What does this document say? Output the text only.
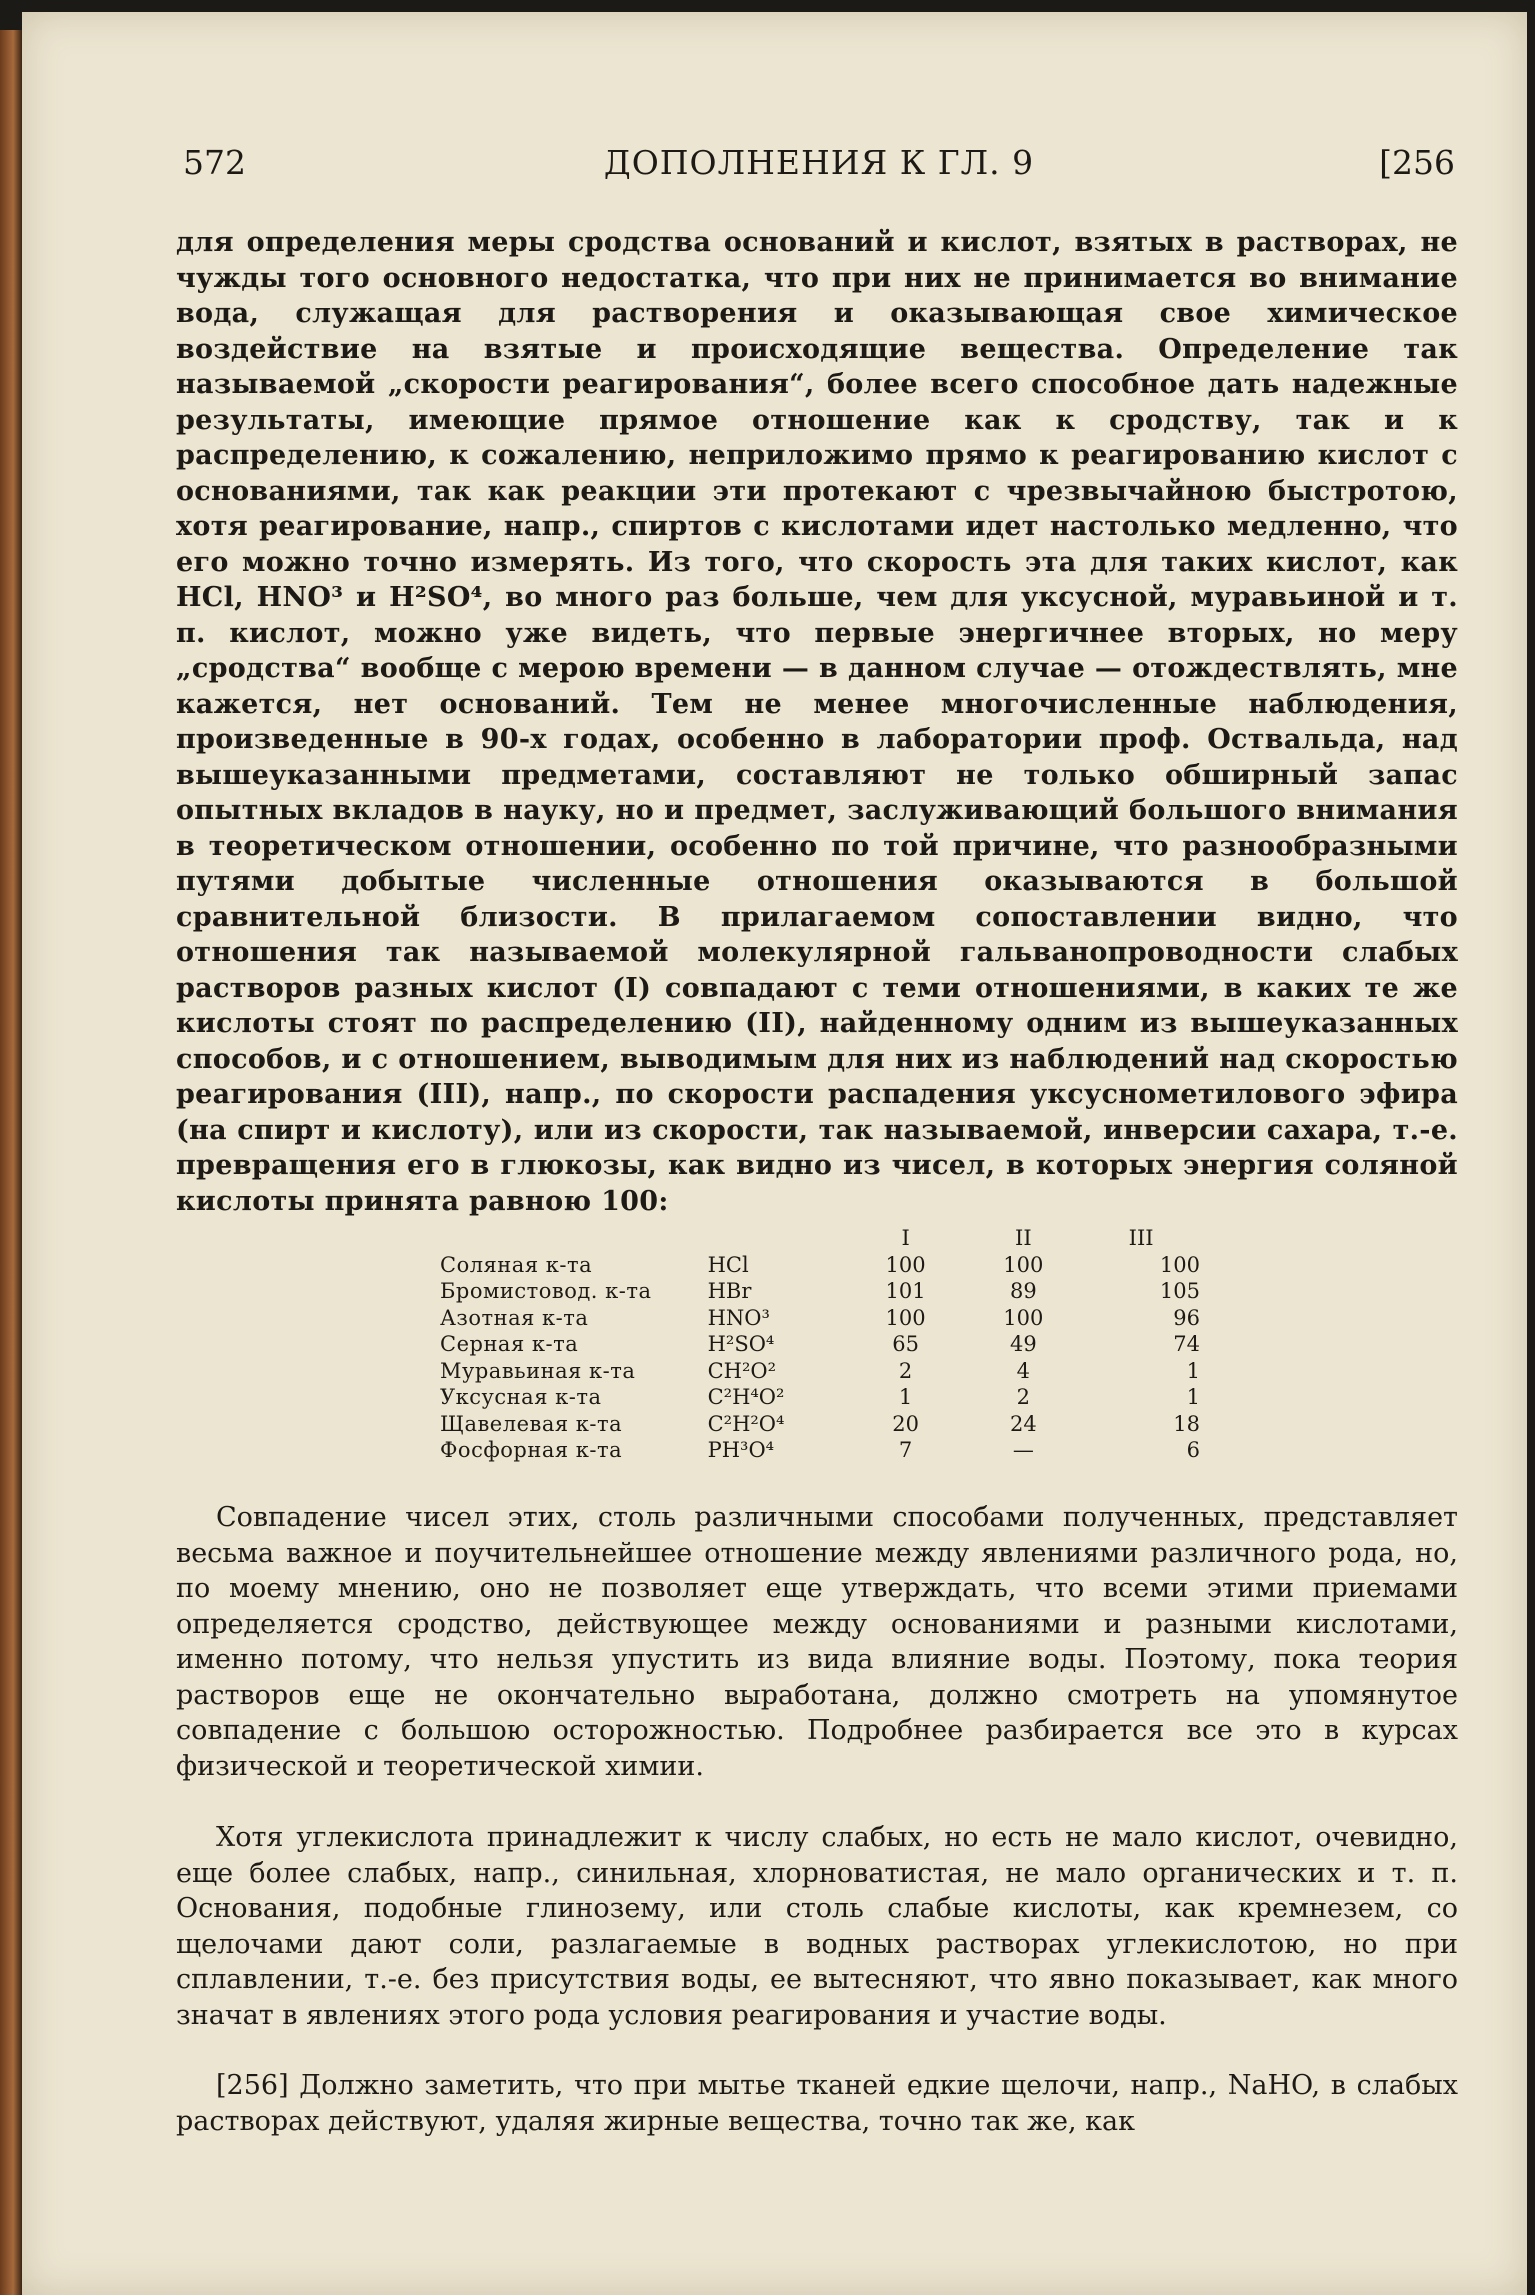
572	ДОПОЛНЕНИЯ К ГЛ. 9	[256

для определения меры сродства оснований и кислот, взятых в растворах, не чужды того основного недостатка, что при них не принимается во внимание вода, служащая для растворения и оказывающая свое химическое воздействие на взятые и происходящие вещества. Определение так называемой „скорости реагирования“, более всего способное дать надежные результаты, имеющие прямое отношение как к сродству, так и к распределению, к сожалению, неприложимо прямо к реагированию кислот с основаниями, так как реакции эти протекают с чрезвычайною быстротою, хотя реагирование, напр., спиртов с кислотами идет настолько медленно, что его можно точно измерять. Из того, что скорость эта для таких кислот, как HCl, HNO³ и H²SO⁴, во много раз больше, чем для уксусной, муравьиной и т. п. кислот, можно уже видеть, что первые энергичнее вторых, но меру „сродства“ вообще с мерою времени — в данном случае — отождествлять, мне кажется, нет оснований. Тем не менее многочисленные наблюдения, произведенные в 90-х годах, особенно в лаборатории проф. Оствальда, над вышеуказанными предметами, составляют не только обширный запас опытных вкладов в науку, но и предмет, заслуживающий большого внимания в теоретическом отношении, особенно по той причине, что разнообразными путями добытые численные отношения оказываются в большой сравнительной близости. В прилагаемом сопоставлении видно, что отношения так называемой молекулярной гальванопроводности слабых растворов разных кислот (I) совпадают с теми отношениями, в каких те же кислоты стоят по распределению (II), найденному одним из вышеуказанных способов, и с отношением, выводимым для них из наблюдений над скоростью реагирования (III), напр., по скорости распадения уксуснометилового эфира (на спирт и кислоту), или из скорости, так называемой, инверсии сахара, т.-е. превращения его в глюкозы, как видно из чисел, в которых энергия соляной кислоты принята равною 100:

		I	II	III
Соляная к-та	HCl	100	100	100
Бромистовод. к-та	HBr	101	89	105
Азотная к-та	HNO³	100	100	96
Серная к-та	H²SO⁴	65	49	74
Муравьиная к-та	CH²O²	2	4	1
Уксусная к-та	C²H⁴O²	1	2	1
Щавелевая к-та	C²H²O⁴	20	24	18
Фосфорная к-та	PH³O⁴	7	—	6

Совпадение чисел этих, столь различными способами полученных, представляет весьма важное и поучительнейшее отношение между явлениями различного рода, но, по моему мнению, оно не позволяет еще утверждать, что всеми этими приемами определяется сродство, действующее между основаниями и разными кислотами, именно потому, что нельзя упустить из вида влияние воды. Поэтому, пока теория растворов еще не окончательно выработана, должно смотреть на упомянутое совпадение с большою осторожностью. Подробнее разбирается все это в курсах физической и теоретической химии.

Хотя углекислота принадлежит к числу слабых, но есть не мало кислот, очевидно, еще более слабых, напр., синильная, хлорноватистая, не мало органических и т. п. Основания, подобные глинозему, или столь слабые кислоты, как кремнезем, со щелочами дают соли, разлагаемые в водных растворах углекислотою, но при сплавлении, т.-е. без присутствия воды, ее вытесняют, что явно показывает, как много значат в явлениях этого рода условия реагирования и участие воды.

[256] Должно заметить, что при мытье тканей едкие щелочи, напр., NaHO, в слабых растворах действуют, удаляя жирные вещества, точно так же, как
